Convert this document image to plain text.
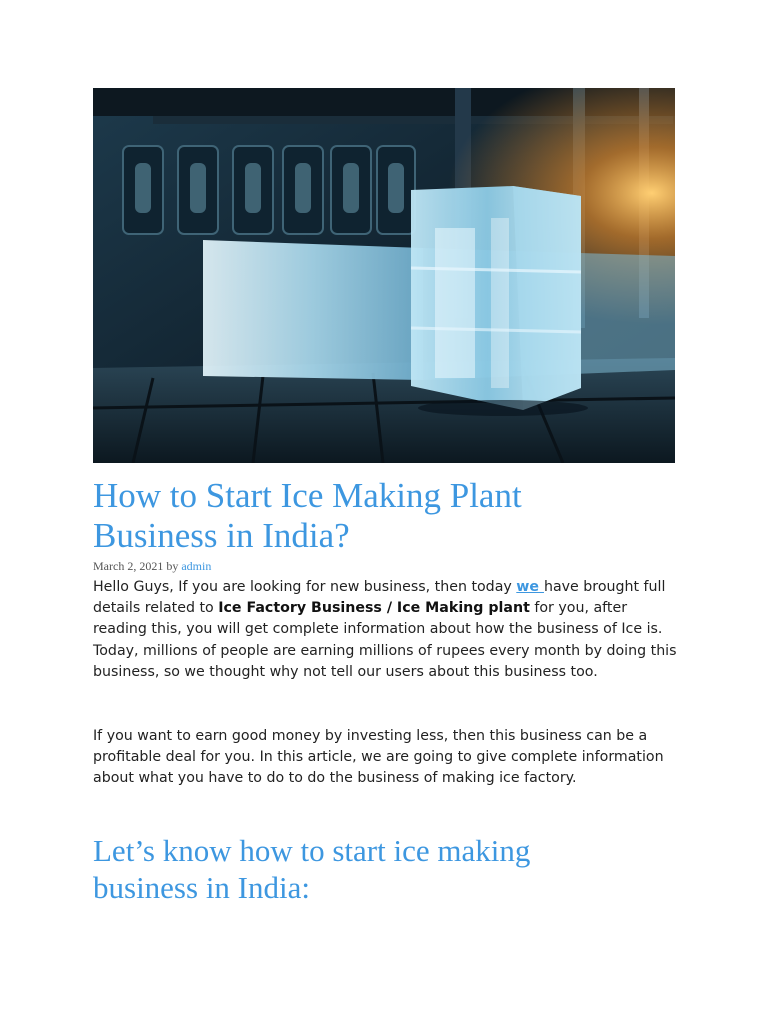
How to Start Ice Making Plant
Business in India?
March 2, 2021 by admin

Hello Guys, If you are looking for new business, then today we have brought full details related to Ice Factory Business / Ice Making plant for you, after reading this, you will get complete information about how the business of Ice is. Today, millions of people are earning millions of rupees every month by doing this business, so we thought why not tell our users about this business too.

If you want to earn good money by investing less, then this business can be a profitable deal for you. In this article, we are going to give complete information about what you have to do to do the business of making ice factory.

Let’s know how to start ice making
business in India:
